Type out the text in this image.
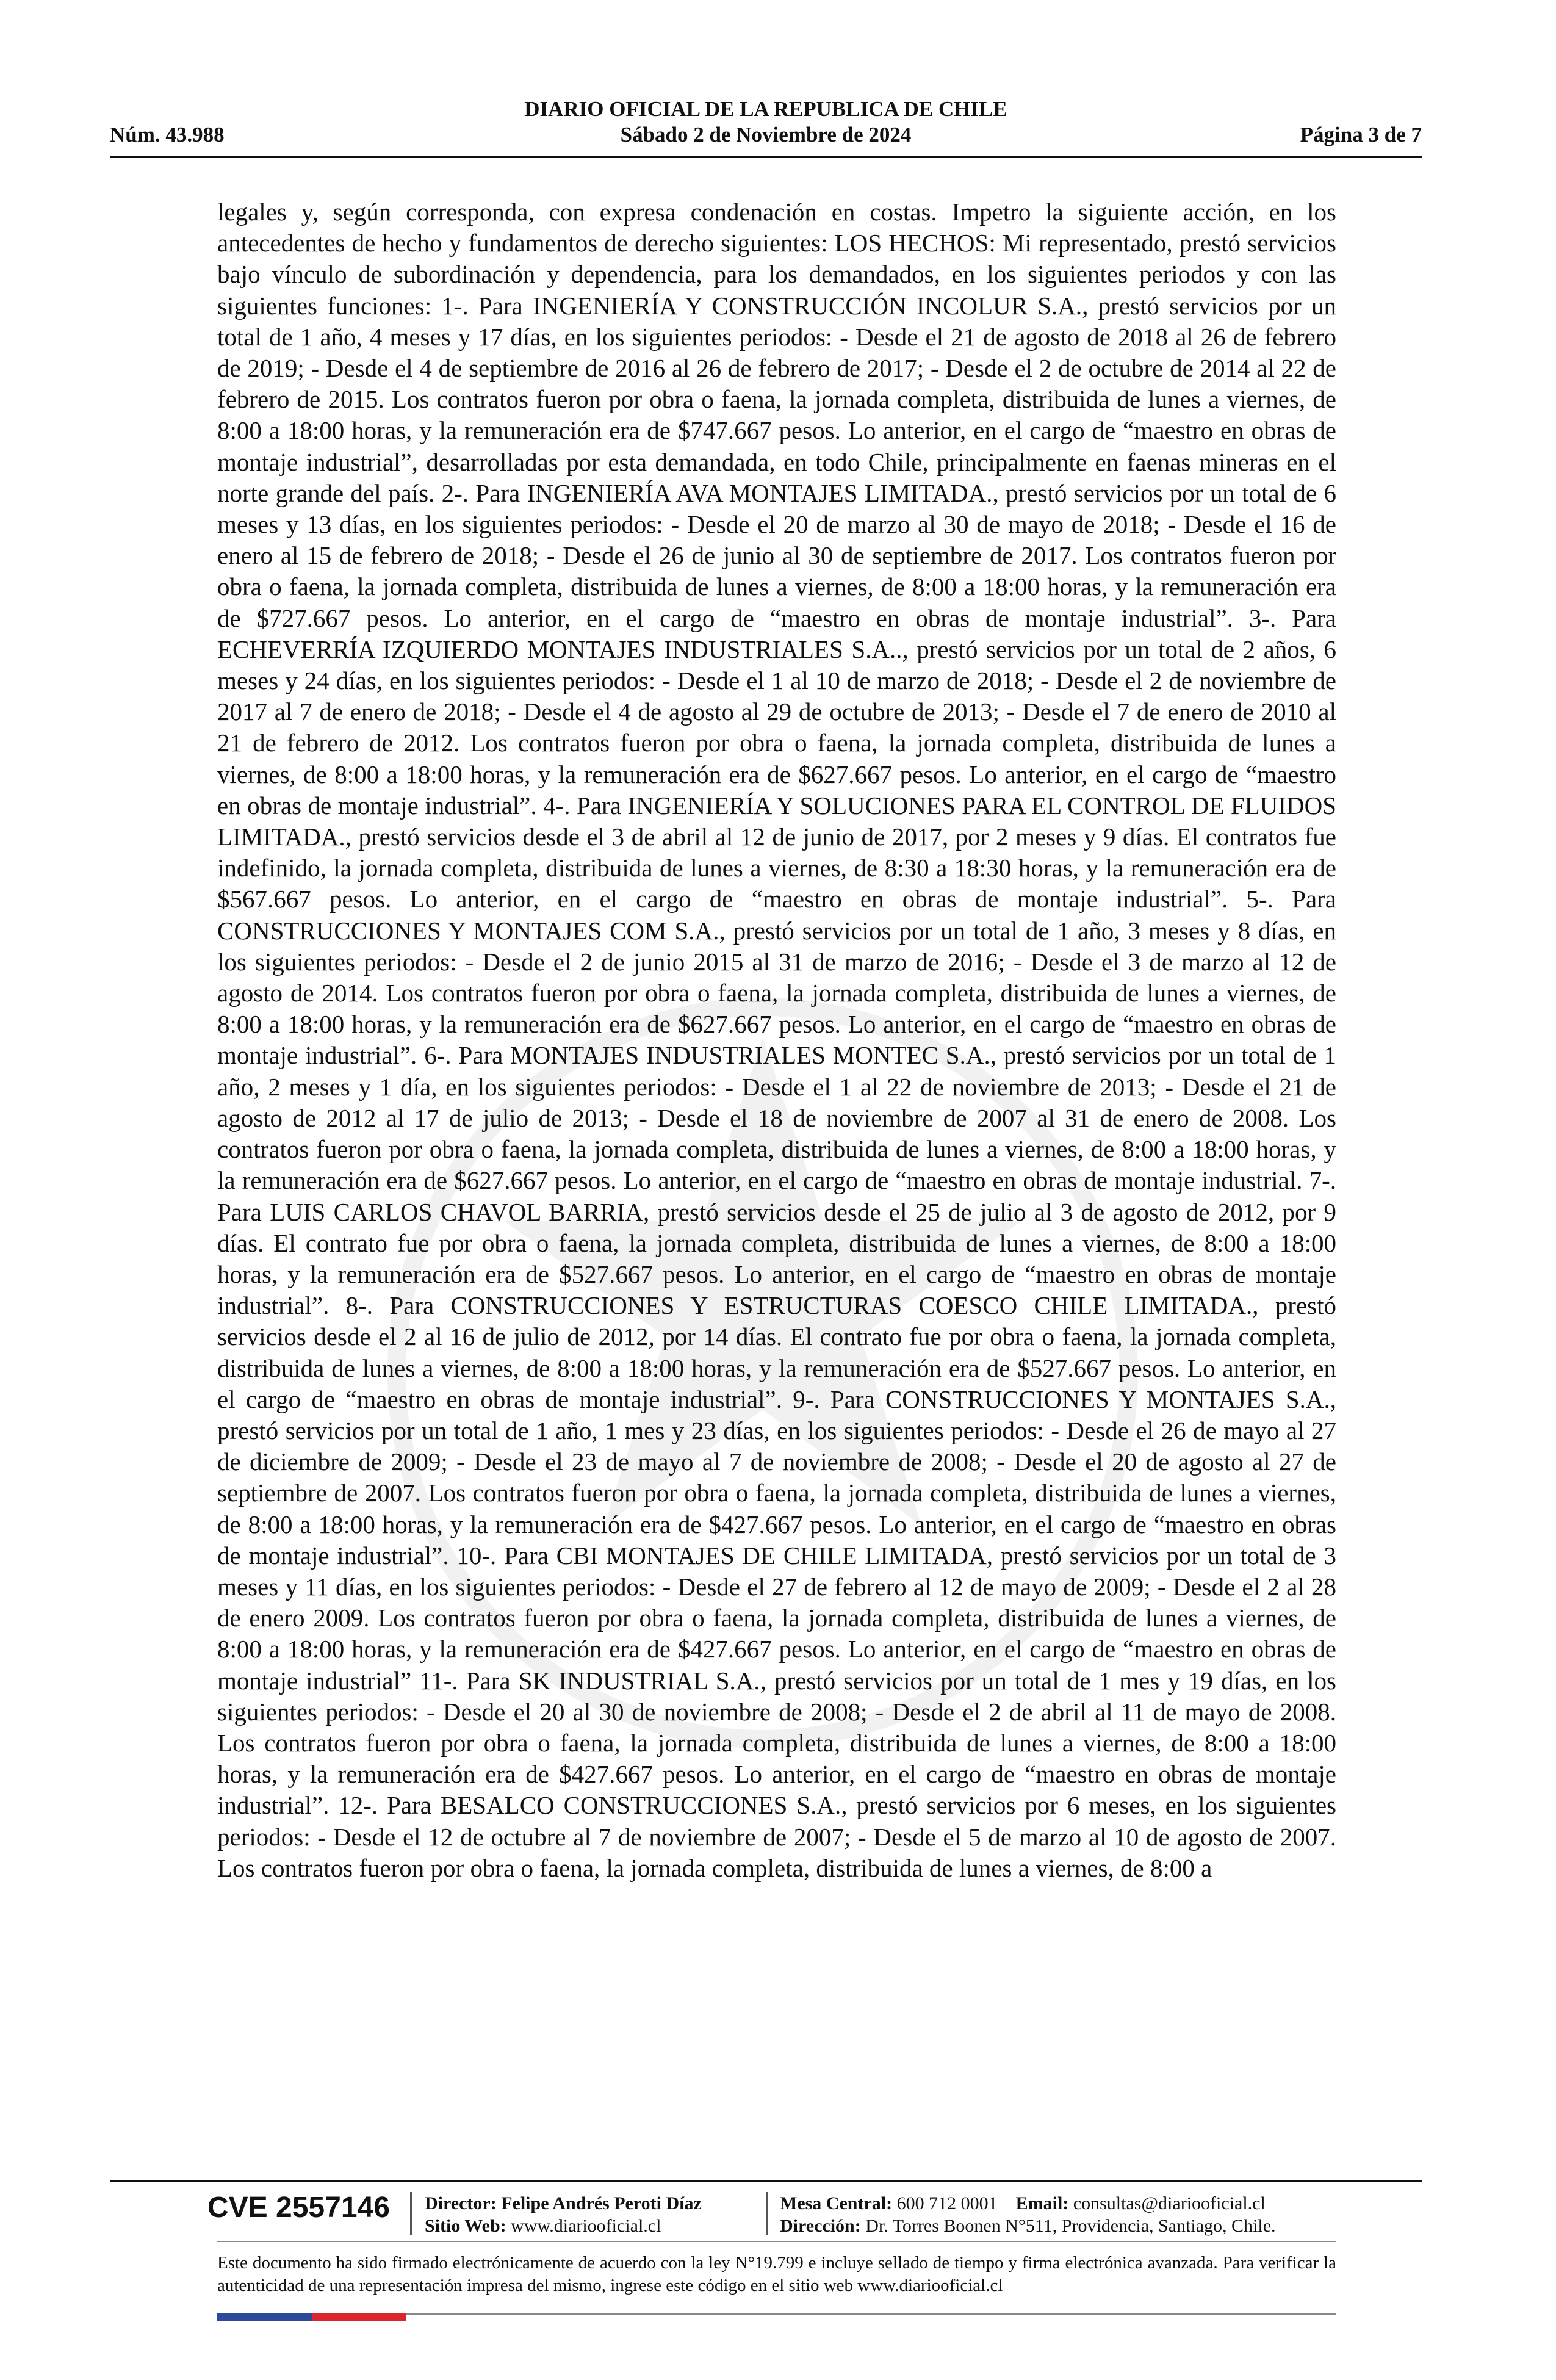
DIARIO OFICIAL DE LA REPUBLICA DE CHILE
Núm. 43.988	Sábado 2 de Noviembre de 2024	Página 3 de 7

legales y, según corresponda, con expresa condenación en costas. Impetro la siguiente acción, en los antecedentes de hecho y fundamentos de derecho siguientes: LOS HECHOS: Mi representado, prestó servicios bajo vínculo de subordinación y dependencia, para los demandados, en los siguientes periodos y con las siguientes funciones: 1-. Para INGENIERÍA Y CONSTRUCCIÓN INCOLUR S.A., prestó servicios por un total de 1 año, 4 meses y 17 días, en los siguientes periodos: - Desde el 21 de agosto de 2018 al 26 de febrero de 2019; - Desde el 4 de septiembre de 2016 al 26 de febrero de 2017; - Desde el 2 de octubre de 2014 al 22 de febrero de 2015. Los contratos fueron por obra o faena, la jornada completa, distribuida de lunes a viernes, de 8:00 a 18:00 horas, y la remuneración era de $747.667 pesos. Lo anterior, en el cargo de “maestro en obras de montaje industrial”, desarrolladas por esta demandada, en todo Chile, principalmente en faenas mineras en el norte grande del país. 2-. Para INGENIERÍA AVA MONTAJES LIMITADA., prestó servicios por un total de 6 meses y 13 días, en los siguientes periodos: - Desde el 20 de marzo al 30 de mayo de 2018; - Desde el 16 de enero al 15 de febrero de 2018; - Desde el 26 de junio al 30 de septiembre de 2017. Los contratos fueron por obra o faena, la jornada completa, distribuida de lunes a viernes, de 8:00 a 18:00 horas, y la remuneración era de $727.667 pesos. Lo anterior, en el cargo de “maestro en obras de montaje industrial”. 3-. Para ECHEVERRÍA IZQUIERDO MONTAJES INDUSTRIALES S.A.., prestó servicios por un total de 2 años, 6 meses y 24 días, en los siguientes periodos: - Desde el 1 al 10 de marzo de 2018; - Desde el 2 de noviembre de 2017 al 7 de enero de 2018; - Desde el 4 de agosto al 29 de octubre de 2013; - Desde el 7 de enero de 2010 al 21 de febrero de 2012. Los contratos fueron por obra o faena, la jornada completa, distribuida de lunes a viernes, de 8:00 a 18:00 horas, y la remuneración era de $627.667 pesos. Lo anterior, en el cargo de “maestro en obras de montaje industrial”. 4-. Para INGENIERÍA Y SOLUCIONES PARA EL CONTROL DE FLUIDOS LIMITADA., prestó servicios desde el 3 de abril al 12 de junio de 2017, por 2 meses y 9 días. El contratos fue indefinido, la jornada completa, distribuida de lunes a viernes, de 8:30 a 18:30 horas, y la remuneración era de $567.667 pesos. Lo anterior, en el cargo de “maestro en obras de montaje industrial”. 5-. Para CONSTRUCCIONES Y MONTAJES COM S.A., prestó servicios por un total de 1 año, 3 meses y 8 días, en los siguientes periodos: - Desde el 2 de junio 2015 al 31 de marzo de 2016; - Desde el 3 de marzo al 12 de agosto de 2014. Los contratos fueron por obra o faena, la jornada completa, distribuida de lunes a viernes, de 8:00 a 18:00 horas, y la remuneración era de $627.667 pesos. Lo anterior, en el cargo de “maestro en obras de montaje industrial”. 6-. Para MONTAJES INDUSTRIALES MONTEC S.A., prestó servicios por un total de 1 año, 2 meses y 1 día, en los siguientes periodos: - Desde el 1 al 22 de noviembre de 2013; - Desde el 21 de agosto de 2012 al 17 de julio de 2013; - Desde el 18 de noviembre de 2007 al 31 de enero de 2008. Los contratos fueron por obra o faena, la jornada completa, distribuida de lunes a viernes, de 8:00 a 18:00 horas, y la remuneración era de $627.667 pesos. Lo anterior, en el cargo de “maestro en obras de montaje industrial. 7-. Para LUIS CARLOS CHAVOL BARRIA, prestó servicios desde el 25 de julio al 3 de agosto de 2012, por 9 días. El contrato fue por obra o faena, la jornada completa, distribuida de lunes a viernes, de 8:00 a 18:00 horas, y la remuneración era de $527.667 pesos. Lo anterior, en el cargo de “maestro en obras de montaje industrial”. 8-. Para CONSTRUCCIONES Y ESTRUCTURAS COESCO CHILE LIMITADA., prestó servicios desde el 2 al 16 de julio de 2012, por 14 días. El contrato fue por obra o faena, la jornada completa, distribuida de lunes a viernes, de 8:00 a 18:00 horas, y la remuneración era de $527.667 pesos. Lo anterior, en el cargo de “maestro en obras de montaje industrial”. 9-. Para CONSTRUCCIONES Y MONTAJES S.A., prestó servicios por un total de 1 año, 1 mes y 23 días, en los siguientes periodos: - Desde el 26 de mayo al 27 de diciembre de 2009; - Desde el 23 de mayo al 7 de noviembre de 2008; - Desde el 20 de agosto al 27 de septiembre de 2007. Los contratos fueron por obra o faena, la jornada completa, distribuida de lunes a viernes, de 8:00 a 18:00 horas, y la remuneración era de $427.667 pesos. Lo anterior, en el cargo de “maestro en obras de montaje industrial”. 10-. Para CBI MONTAJES DE CHILE LIMITADA, prestó servicios por un total de 3 meses y 11 días, en los siguientes periodos: - Desde el 27 de febrero al 12 de mayo de 2009; - Desde el 2 al 28 de enero 2009. Los contratos fueron por obra o faena, la jornada completa, distribuida de lunes a viernes, de 8:00 a 18:00 horas, y la remuneración era de $427.667 pesos. Lo anterior, en el cargo de “maestro en obras de montaje industrial” 11-. Para SK INDUSTRIAL S.A., prestó servicios por un total de 1 mes y 19 días, en los siguientes periodos: - Desde el 20 al 30 de noviembre de 2008; - Desde el 2 de abril al 11 de mayo de 2008. Los contratos fueron por obra o faena, la jornada completa, distribuida de lunes a viernes, de 8:00 a 18:00 horas, y la remuneración era de $427.667 pesos. Lo anterior, en el cargo de “maestro en obras de montaje industrial”. 12-. Para BESALCO CONSTRUCCIONES S.A., prestó servicios por 6 meses, en los siguientes periodos: - Desde el 12 de octubre al 7 de noviembre de 2007; - Desde el 5 de marzo al 10 de agosto de 2007. Los contratos fueron por obra o faena, la jornada completa, distribuida de lunes a viernes, de 8:00 a

CVE 2557146 Director: Felipe Andrés Peroti Díaz
Sitio Web: www.diariooficial.cl
Mesa Central: 600 712 0001 Email: consultas@diariooficial.cl
Dirección: Dr. Torres Boonen N°511, Providencia, Santiago, Chile.
Este documento ha sido firmado electrónicamente de acuerdo con la ley N°19.799 e incluye sellado de tiempo y firma electrónica avanzada. Para verificar la autenticidad de una representación impresa del mismo, ingrese este código en el sitio web www.diariooficial.cl
